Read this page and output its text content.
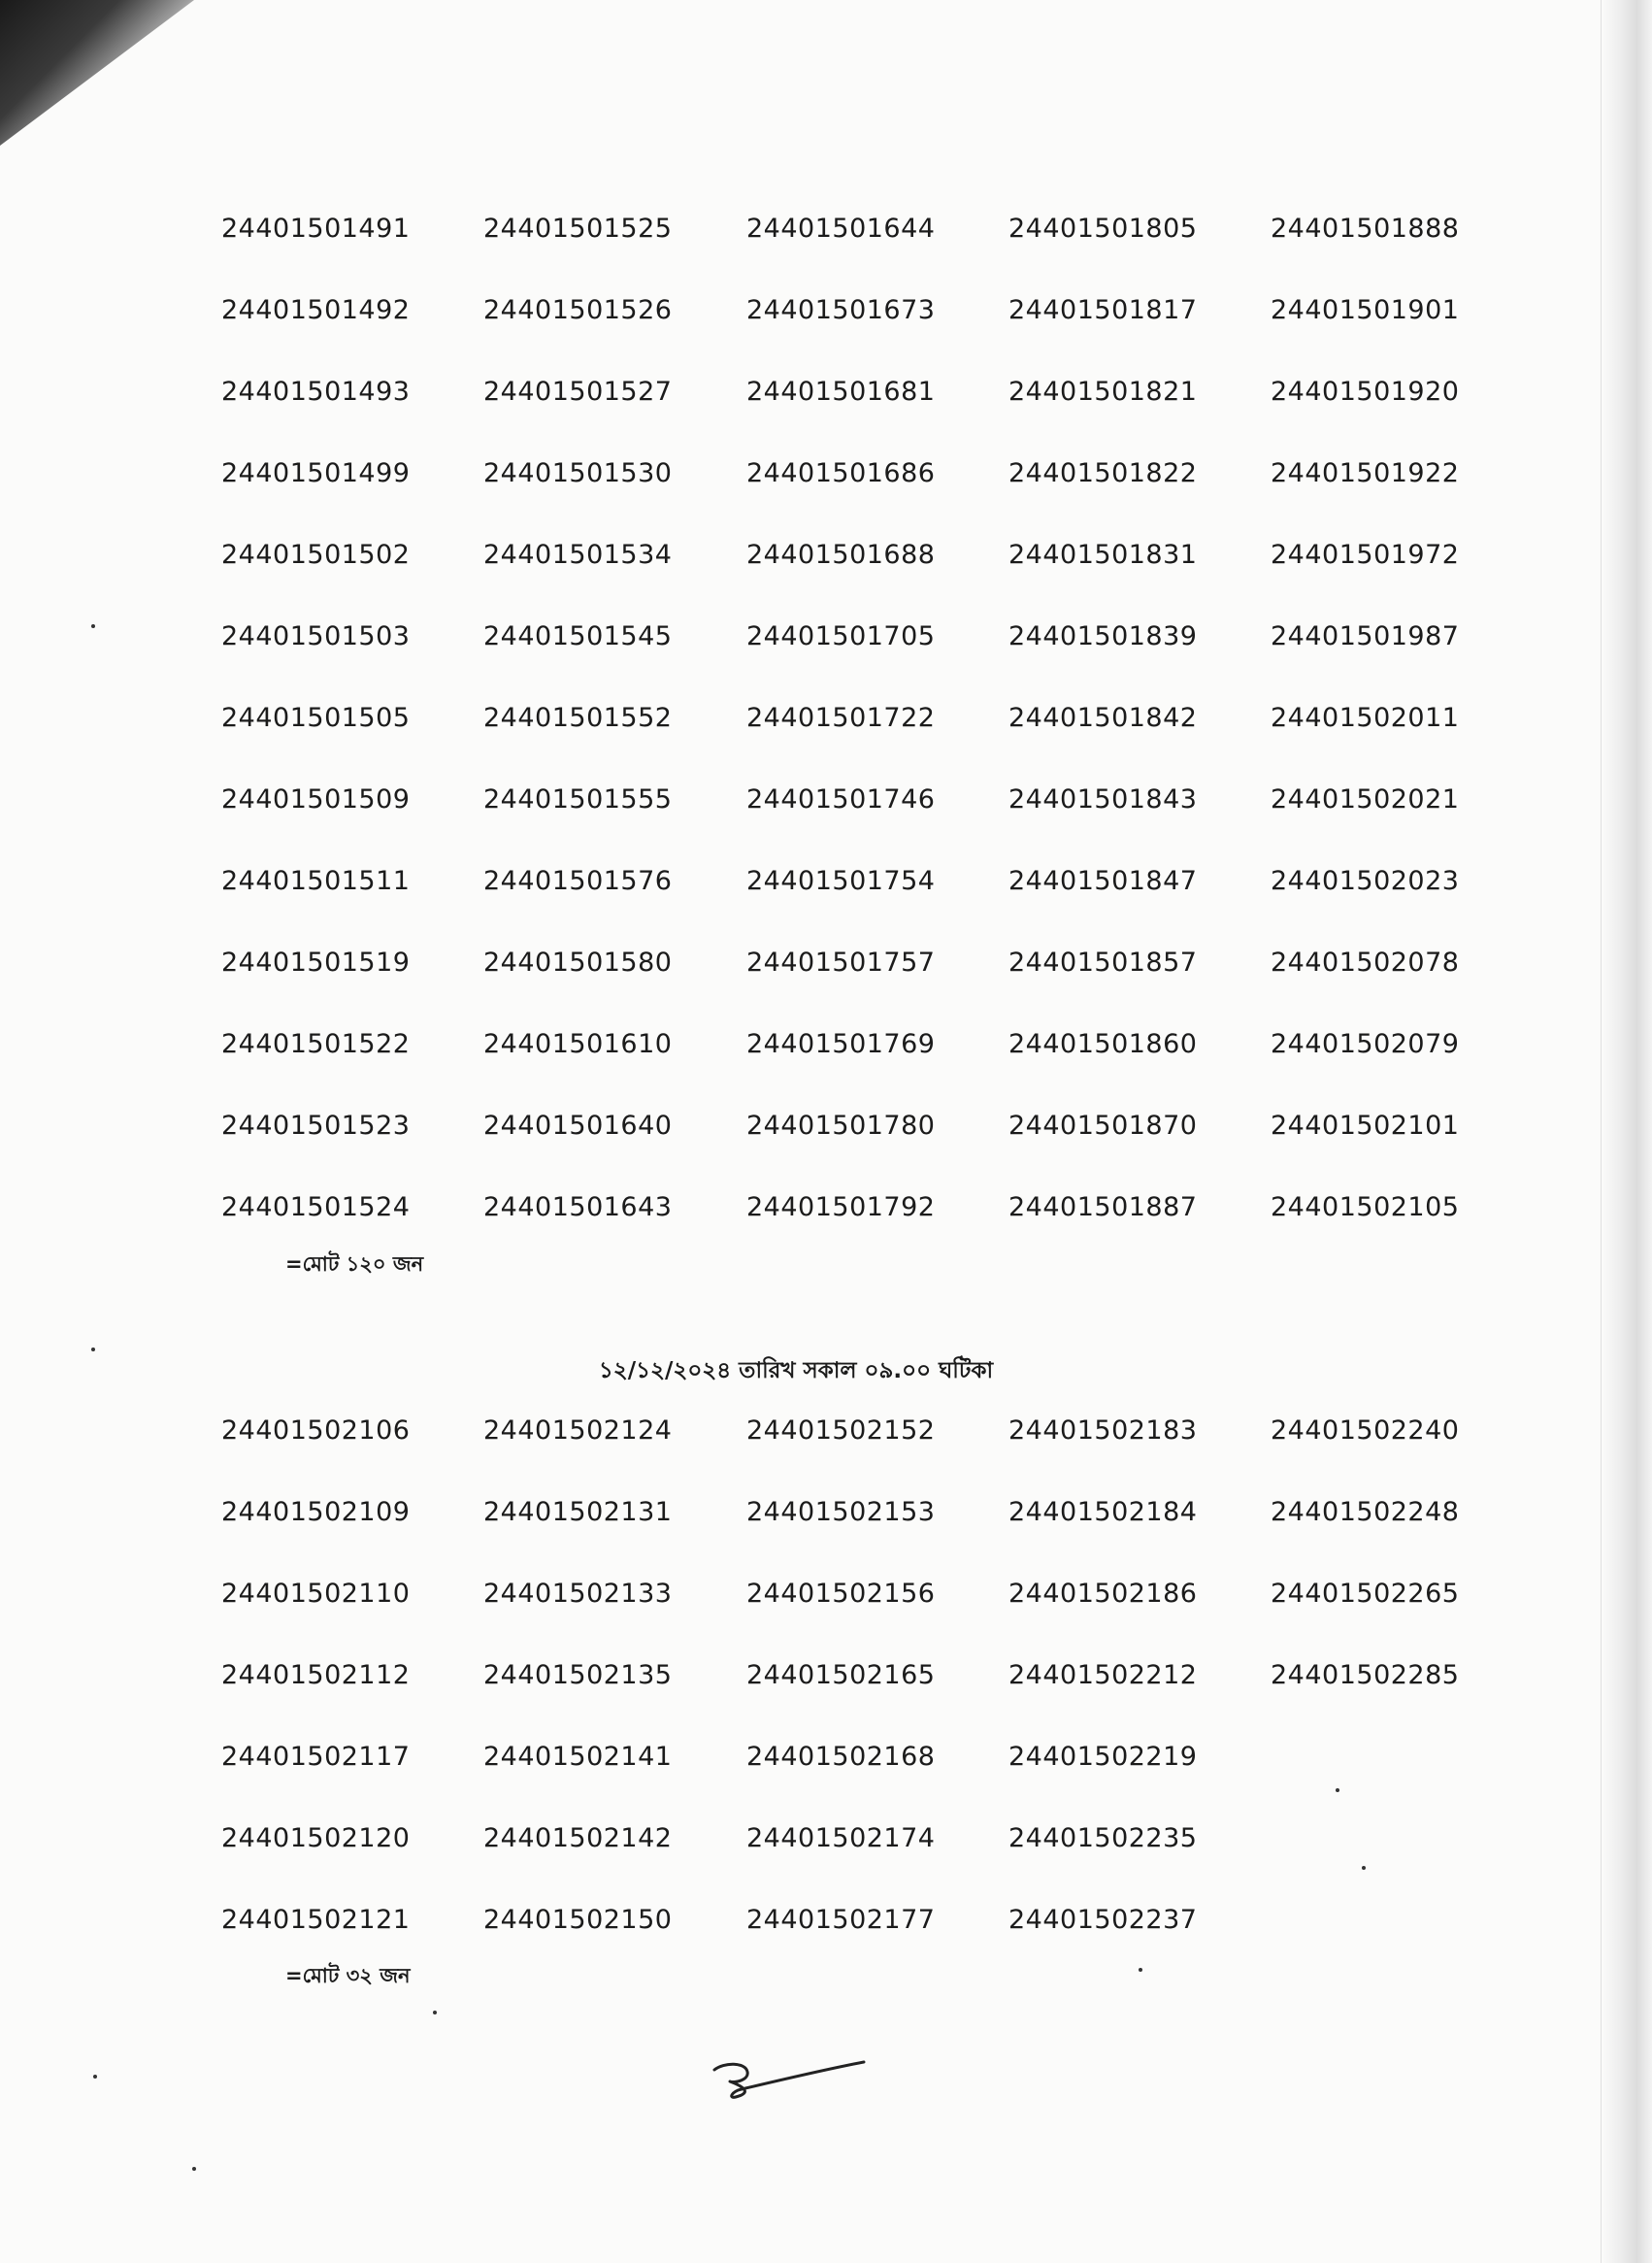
24401501491	24401501525	24401501644	24401501805	24401501888
24401501492	24401501526	24401501673	24401501817	24401501901
24401501493	24401501527	24401501681	24401501821	24401501920
24401501499	24401501530	24401501686	24401501822	24401501922
24401501502	24401501534	24401501688	24401501831	24401501972
24401501503	24401501545	24401501705	24401501839	24401501987
24401501505	24401501552	24401501722	24401501842	24401502011
24401501509	24401501555	24401501746	24401501843	24401502021
24401501511	24401501576	24401501754	24401501847	24401502023
24401501519	24401501580	24401501757	24401501857	24401502078
24401501522	24401501610	24401501769	24401501860	24401502079
24401501523	24401501640	24401501780	24401501870	24401502101
24401501524	24401501643	24401501792	24401501887	24401502105
=মোট ১২০ জন
১২/১২/২০২৪ তারিখ সকাল ০৯.০০ ঘটিকা
24401502106	24401502124	24401502152	24401502183	24401502240
24401502109	24401502131	24401502153	24401502184	24401502248
24401502110	24401502133	24401502156	24401502186	24401502265
24401502112	24401502135	24401502165	24401502212	24401502285
24401502117	24401502141	24401502168	24401502219
24401502120	24401502142	24401502174	24401502235
24401502121	24401502150	24401502177	24401502237
=মোট ৩২ জন
